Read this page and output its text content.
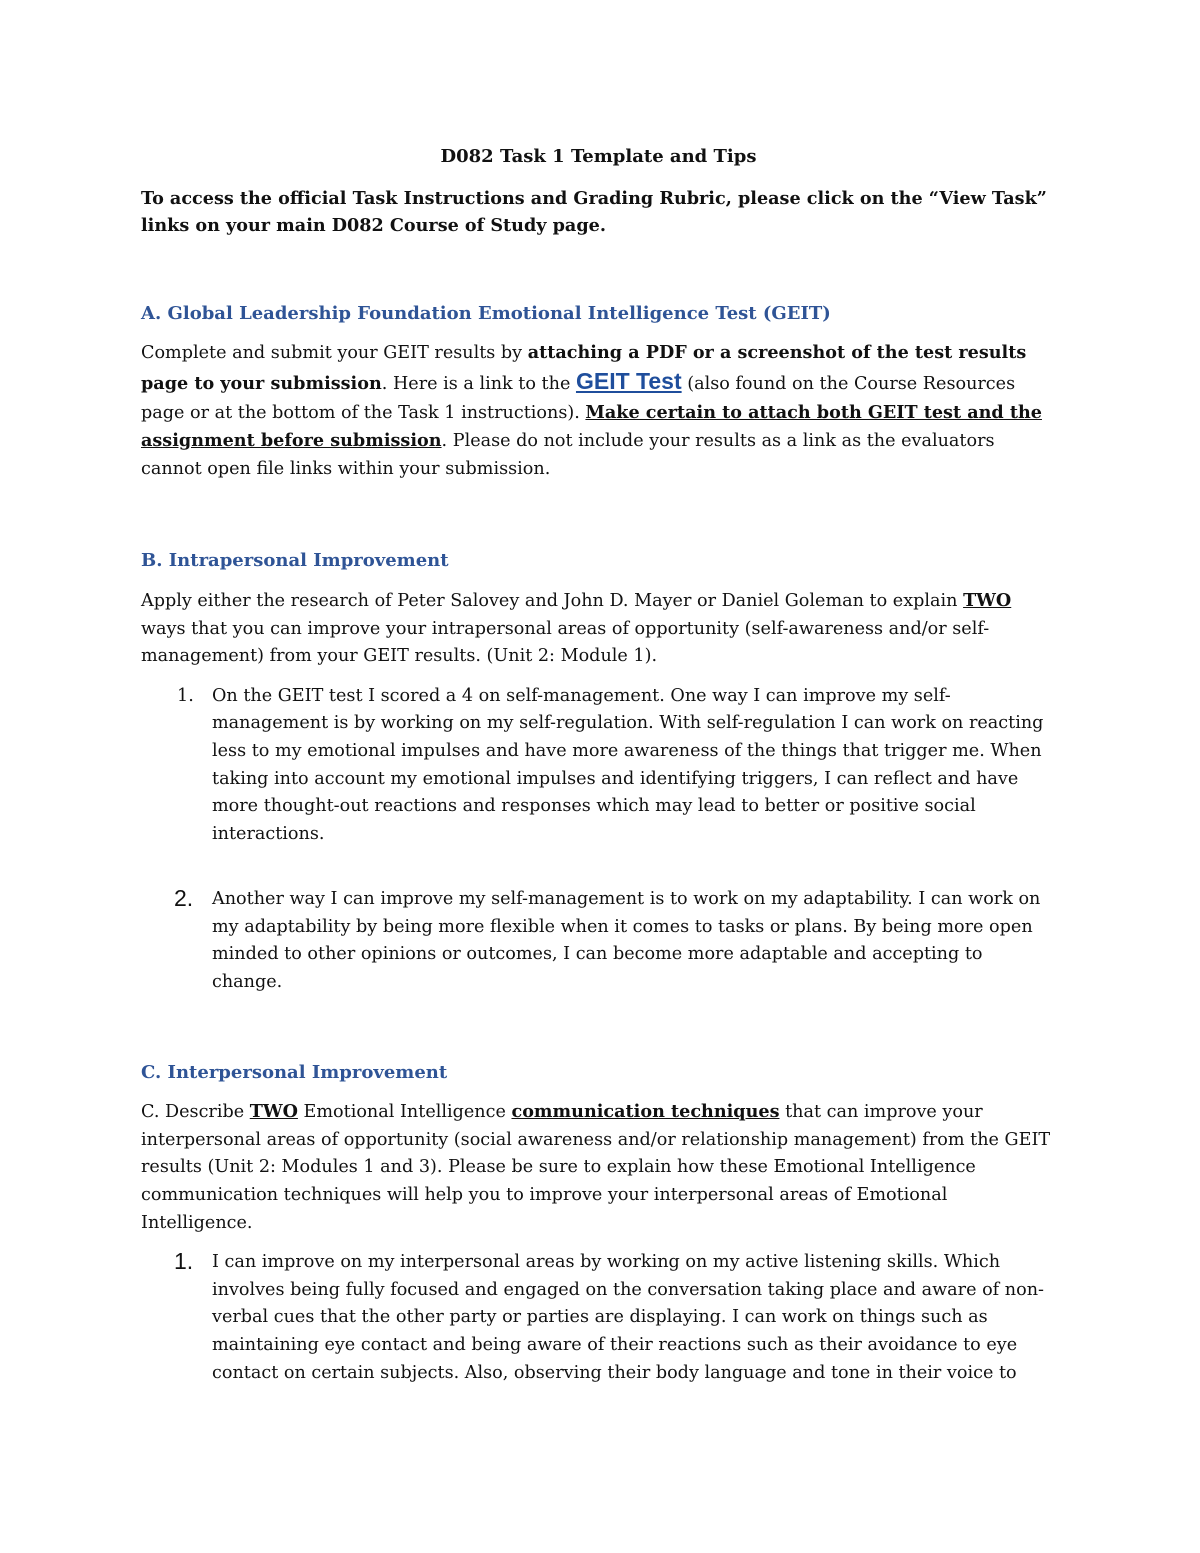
D082 Task 1 Template and Tips

To access the official Task Instructions and Grading Rubric, please click on the “View Task” links on your main D082 Course of Study page.

A. Global Leadership Foundation Emotional Intelligence Test (GEIT)

Complete and submit your GEIT results by attaching a PDF or a screenshot of the test results page to your submission. Here is a link to the GEIT Test (also found on the Course Resources page or at the bottom of the Task 1 instructions). Make certain to attach both GEIT test and the assignment before submission. Please do not include your results as a link as the evaluators cannot open file links within your submission.

B. Intrapersonal Improvement

Apply either the research of Peter Salovey and John D. Mayer or Daniel Goleman to explain TWO ways that you can improve your intrapersonal areas of opportunity (self-awareness and/or self-management) from your GEIT results. (Unit 2: Module 1).

1. On the GEIT test I scored a 4 on self-management. One way I can improve my self-management is by working on my self-regulation. With self-regulation I can work on reacting less to my emotional impulses and have more awareness of the things that trigger me. When taking into account my emotional impulses and identifying triggers, I can reflect and have more thought-out reactions and responses which may lead to better or positive social interactions.
2. Another way I can improve my self-management is to work on my adaptability. I can work on my adaptability by being more flexible when it comes to tasks or plans. By being more open minded to other opinions or outcomes, I can become more adaptable and accepting to change.
C. Interpersonal Improvement

C. Describe TWO Emotional Intelligence communication techniques that can improve your interpersonal areas of opportunity (social awareness and/or relationship management) from the GEIT results (Unit 2: Modules 1 and 3). Please be sure to explain how these Emotional Intelligence communication techniques will help you to improve your interpersonal areas of Emotional Intelligence.

1. I can improve on my interpersonal areas by working on my active listening skills. Which involves being fully focused and engaged on the conversation taking place and aware of non-verbal cues that the other party or parties are displaying. I can work on things such as maintaining eye contact and being aware of their reactions such as their avoidance to eye contact on certain subjects. Also, observing their body language and tone in their voice to
